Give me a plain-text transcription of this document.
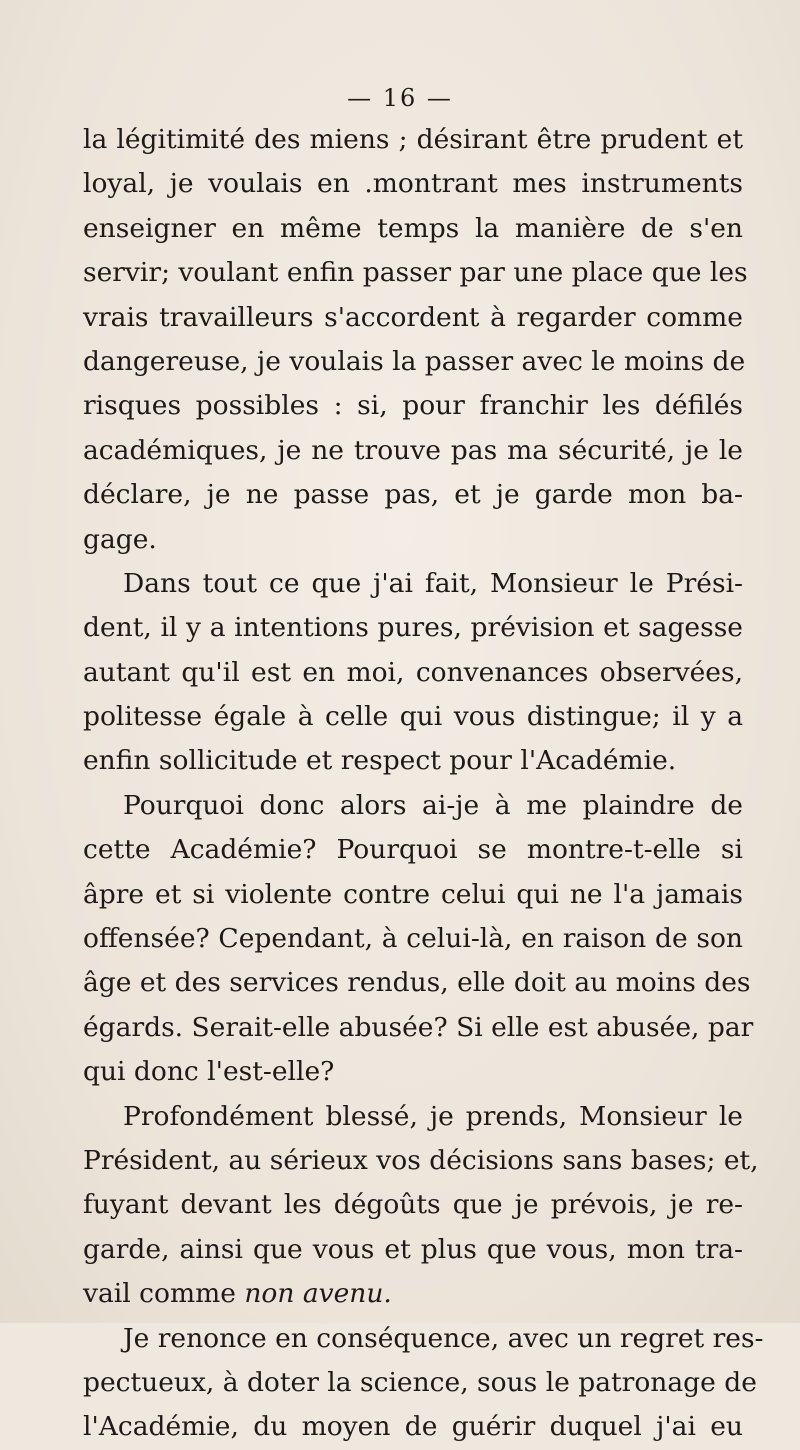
— 16 —
la légitimité des miens ; désirant être prudent et
loyal, je voulais en .montrant mes instruments
enseigner en même temps la manière de s'en
servir; voulant enfin passer par une place que les
vrais travailleurs s'accordent à regarder comme
dangereuse, je voulais la passer avec le moins de
risques possibles : si, pour franchir les défilés
académiques, je ne trouve pas ma sécurité, je le
déclare, je ne passe pas, et je garde mon ba-
gage.
Dans tout ce que j'ai fait, Monsieur le Prési-
dent, il y a intentions pures, prévision et sagesse
autant qu'il est en moi, convenances observées,
politesse égale à celle qui vous distingue; il y a
enfin sollicitude et respect pour l'Académie.
Pourquoi donc alors ai-je à me plaindre de
cette Académie? Pourquoi se montre-t-elle si
âpre et si violente contre celui qui ne l'a jamais
offensée? Cependant, à celui-là, en raison de son
âge et des services rendus, elle doit au moins des
égards. Serait-elle abusée? Si elle est abusée, par
qui donc l'est-elle?
Profondément blessé, je prends, Monsieur le
Président, au sérieux vos décisions sans bases; et,
fuyant devant les dégoûts que je prévois, je re-
garde, ainsi que vous et plus que vous, mon tra-
vail comme non avenu.
Je renonce en conséquence, avec un regret res-
pectueux, à doter la science, sous le patronage de
l'Académie, du moyen de guérir duquel j'ai eu
